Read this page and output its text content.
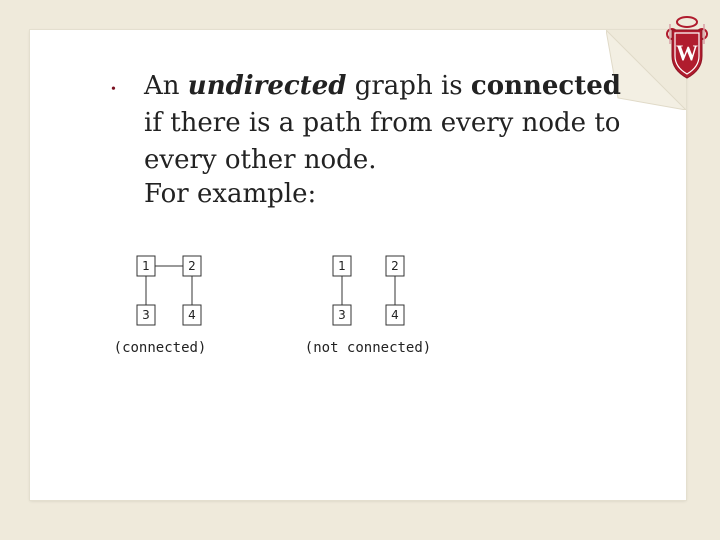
W
• An undirected graph is connected if there is a path from every node to every other node.

For example:
1	2
3	4
(connected)
1	2
3	4
(not connected)
